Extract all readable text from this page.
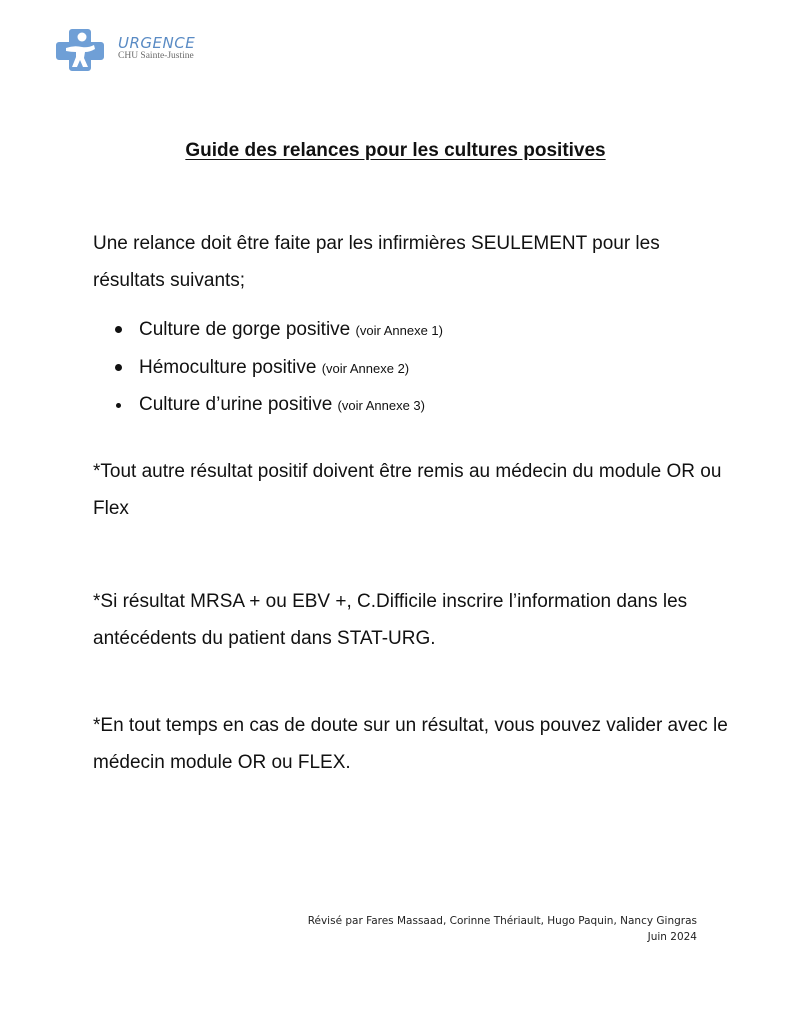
URGENCE
CHU Sainte-Justine
Guide des relances pour les cultures positives
Une relance doit être faite par les infirmières SEULEMENT pour les résultats suivants;
Culture de gorge positive (voir Annexe 1)
Hémoculture positive (voir Annexe 2)
Culture d’urine positive (voir Annexe 3)
*Tout autre résultat positif doivent être remis au médecin du module OR ou Flex
*Si résultat MRSA + ou EBV +, C.Difficile inscrire l’information dans les antécédents du patient dans STAT-URG.
*En tout temps en cas de doute sur un résultat, vous pouvez valider avec le médecin module OR ou FLEX.
Révisé par Fares Massaad, Corinne Thériault, Hugo Paquin, Nancy Gingras
Juin 2024
